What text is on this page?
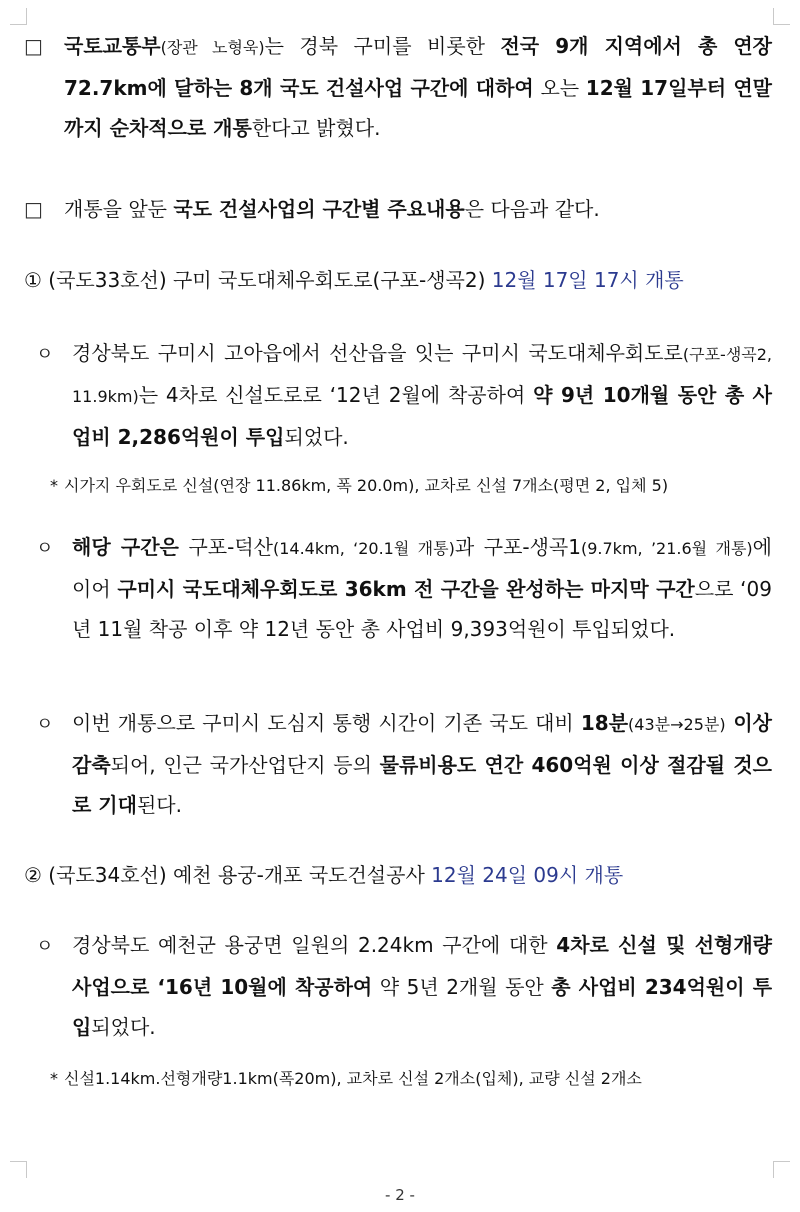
□ 국토교통부(장관 노형욱)는 경북 구미를 비롯한 전국 9개 지역에서 총 연장 72.7km에 달하는 8개 국도 건설사업 구간에 대하여 오는 12월 17일부터 연말까지 순차적으로 개통한다고 밝혔다.

□ 개통을 앞둔 국도 건설사업의 구간별 주요내용은 다음과 같다.

① (국도33호선) 구미 국도대체우회도로(구포-생곡2) 12월 17일 17시 개통

ㅇ 경상북도 구미시 고아읍에서 선산읍을 잇는 구미시 국도대체우회도로(구포-생곡2, 11.9km)는 4차로 신설도로로 ‘12년 2월에 착공하여 약 9년 10개월 동안 총 사업비 2,286억원이 투입되었다.

* 시가지 우회도로 신설(연장 11.86km, 폭 20.0m), 교차로 신설 7개소(평면 2, 입체 5)

ㅇ 해당 구간은 구포-덕산(14.4km, ‘20.1월 개통)과 구포-생곡1(9.7km, ’21.6월 개통)에 이어 구미시 국도대체우회도로 36km 전 구간을 완성하는 마지막 구간으로 ‘09년 11월 착공 이후 약 12년 동안 총 사업비 9,393억원이 투입되었다.

ㅇ 이번 개통으로 구미시 도심지 통행 시간이 기존 국도 대비 18분(43분→25분) 이상 감축되어, 인근 국가산업단지 등의 물류비용도 연간 460억원 이상 절감될 것으로 기대된다.

② (국도34호선) 예천 용궁-개포 국도건설공사 12월 24일 09시 개통

ㅇ 경상북도 예천군 용궁면 일원의 2.24km 구간에 대한 4차로 신설 및 선형개량 사업으로 ‘16년 10월에 착공하여 약 5년 2개월 동안 총 사업비 234억원이 투입되었다.

* 신설1.14km.선형개량1.1km(폭20m), 교차로 신설 2개소(입체), 교량 신설 2개소

- 2 -
